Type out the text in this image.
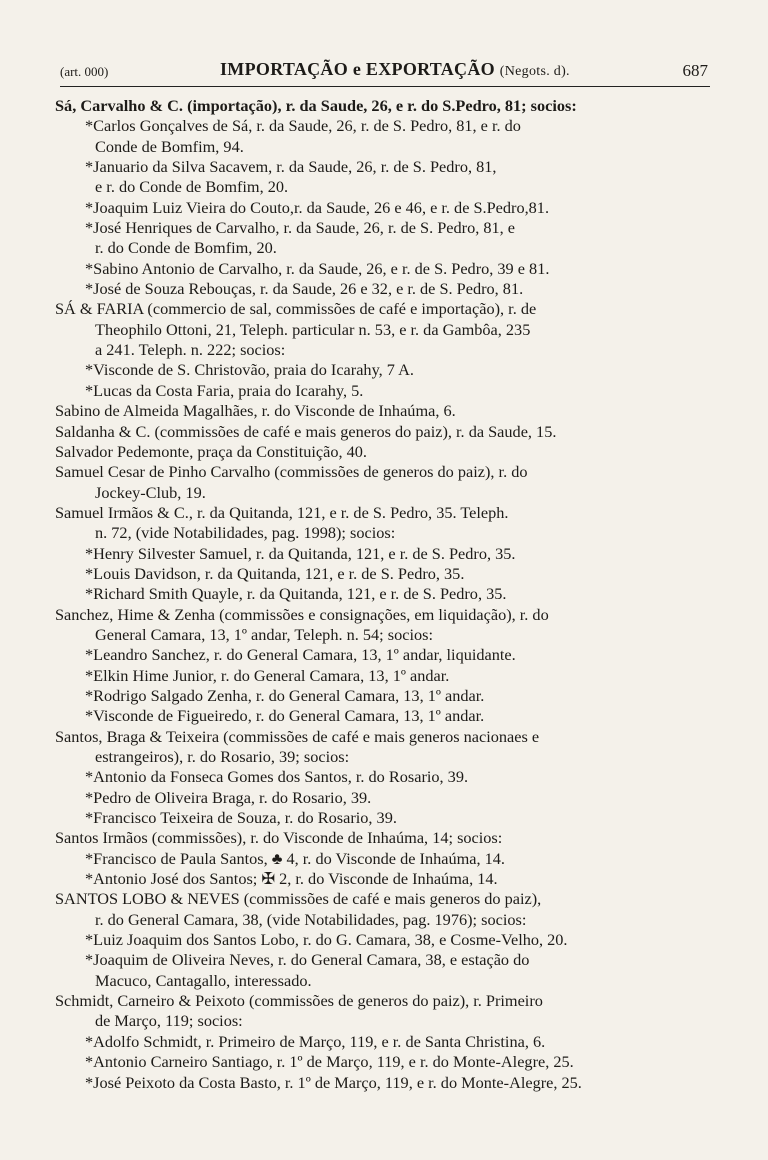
(art. 000)	IMPORTAÇÃO e EXPORTAÇÃO (Negots. d).	687
Sá, Carvalho & C. (importação), r. da Saude, 26, e r. do S.Pedro, 81; socios:
*Carlos Gonçalves de Sá, r. da Saude, 26, r. de S. Pedro, 81, e r. do
Conde de Bomfim, 94.
*Januario da Silva Sacavem, r. da Saude, 26, r. de S. Pedro, 81,
e r. do Conde de Bomfim, 20.
*Joaquim Luiz Vieira do Couto,r. da Saude, 26 e 46, e r. de S.Pedro,81.
*José Henriques de Carvalho, r. da Saude, 26, r. de S. Pedro, 81, e
r. do Conde de Bomfim, 20.
*Sabino Antonio de Carvalho, r. da Saude, 26, e r. de S. Pedro, 39 e 81.
*José de Souza Rebouças, r. da Saude, 26 e 32, e r. de S. Pedro, 81.
SÁ & FARIA (commercio de sal, commissões de café e importação), r. de
Theophilo Ottoni, 21, Teleph. particular n. 53, e r. da Gambôa, 235
a 241. Teleph. n. 222; socios:
*Visconde de S. Christovão, praia do Icarahy, 7 A.
*Lucas da Costa Faria, praia do Icarahy, 5.
Sabino de Almeida Magalhães, r. do Visconde de Inhaúma, 6.
Saldanha & C. (commissões de café e mais generos do paiz), r. da Saude, 15.
Salvador Pedemonte, praça da Constituição, 40.
Samuel Cesar de Pinho Carvalho (commissões de generos do paiz), r. do
Jockey-Club, 19.
Samuel Irmãos & C., r. da Quitanda, 121, e r. de S. Pedro, 35. Teleph.
n. 72, (vide Notabilidades, pag. 1998); socios:
*Henry Silvester Samuel, r. da Quitanda, 121, e r. de S. Pedro, 35.
*Louis Davidson, r. da Quitanda, 121, e r. de S. Pedro, 35.
*Richard Smith Quayle, r. da Quitanda, 121, e r. de S. Pedro, 35.
Sanchez, Hime & Zenha (commissões e consignações, em liquidação), r. do
General Camara, 13, 1º andar, Teleph. n. 54; socios:
*Leandro Sanchez, r. do General Camara, 13, 1º andar, liquidante.
*Elkin Hime Junior, r. do General Camara, 13, 1º andar.
*Rodrigo Salgado Zenha, r. do General Camara, 13, 1º andar.
*Visconde de Figueiredo, r. do General Camara, 13, 1º andar.
Santos, Braga & Teixeira (commissões de café e mais generos nacionaes e
estrangeiros), r. do Rosario, 39; socios:
*Antonio da Fonseca Gomes dos Santos, r. do Rosario, 39.
*Pedro de Oliveira Braga, r. do Rosario, 39.
*Francisco Teixeira de Souza, r. do Rosario, 39.
Santos Irmãos (commissões), r. do Visconde de Inhaúma, 14; socios:
*Francisco de Paula Santos, ♣ 4, r. do Visconde de Inhaúma, 14.
*Antonio José dos Santos; ✠ 2, r. do Visconde de Inhaúma, 14.
SANTOS LOBO & NEVES (commissões de café e mais generos do paiz),
r. do General Camara, 38, (vide Notabilidades, pag. 1976); socios:
*Luiz Joaquim dos Santos Lobo, r. do G. Camara, 38, e Cosme-Velho, 20.
*Joaquim de Oliveira Neves, r. do General Camara, 38, e estação do
Macuco, Cantagallo, interessado.
Schmidt, Carneiro & Peixoto (commissões de generos do paiz), r. Primeiro
de Março, 119; socios:
*Adolfo Schmidt, r. Primeiro de Março, 119, e r. de Santa Christina, 6.
*Antonio Carneiro Santiago, r. 1º de Março, 119, e r. do Monte-Alegre, 25.
*José Peixoto da Costa Basto, r. 1º de Março, 119, e r. do Monte-Alegre, 25.
